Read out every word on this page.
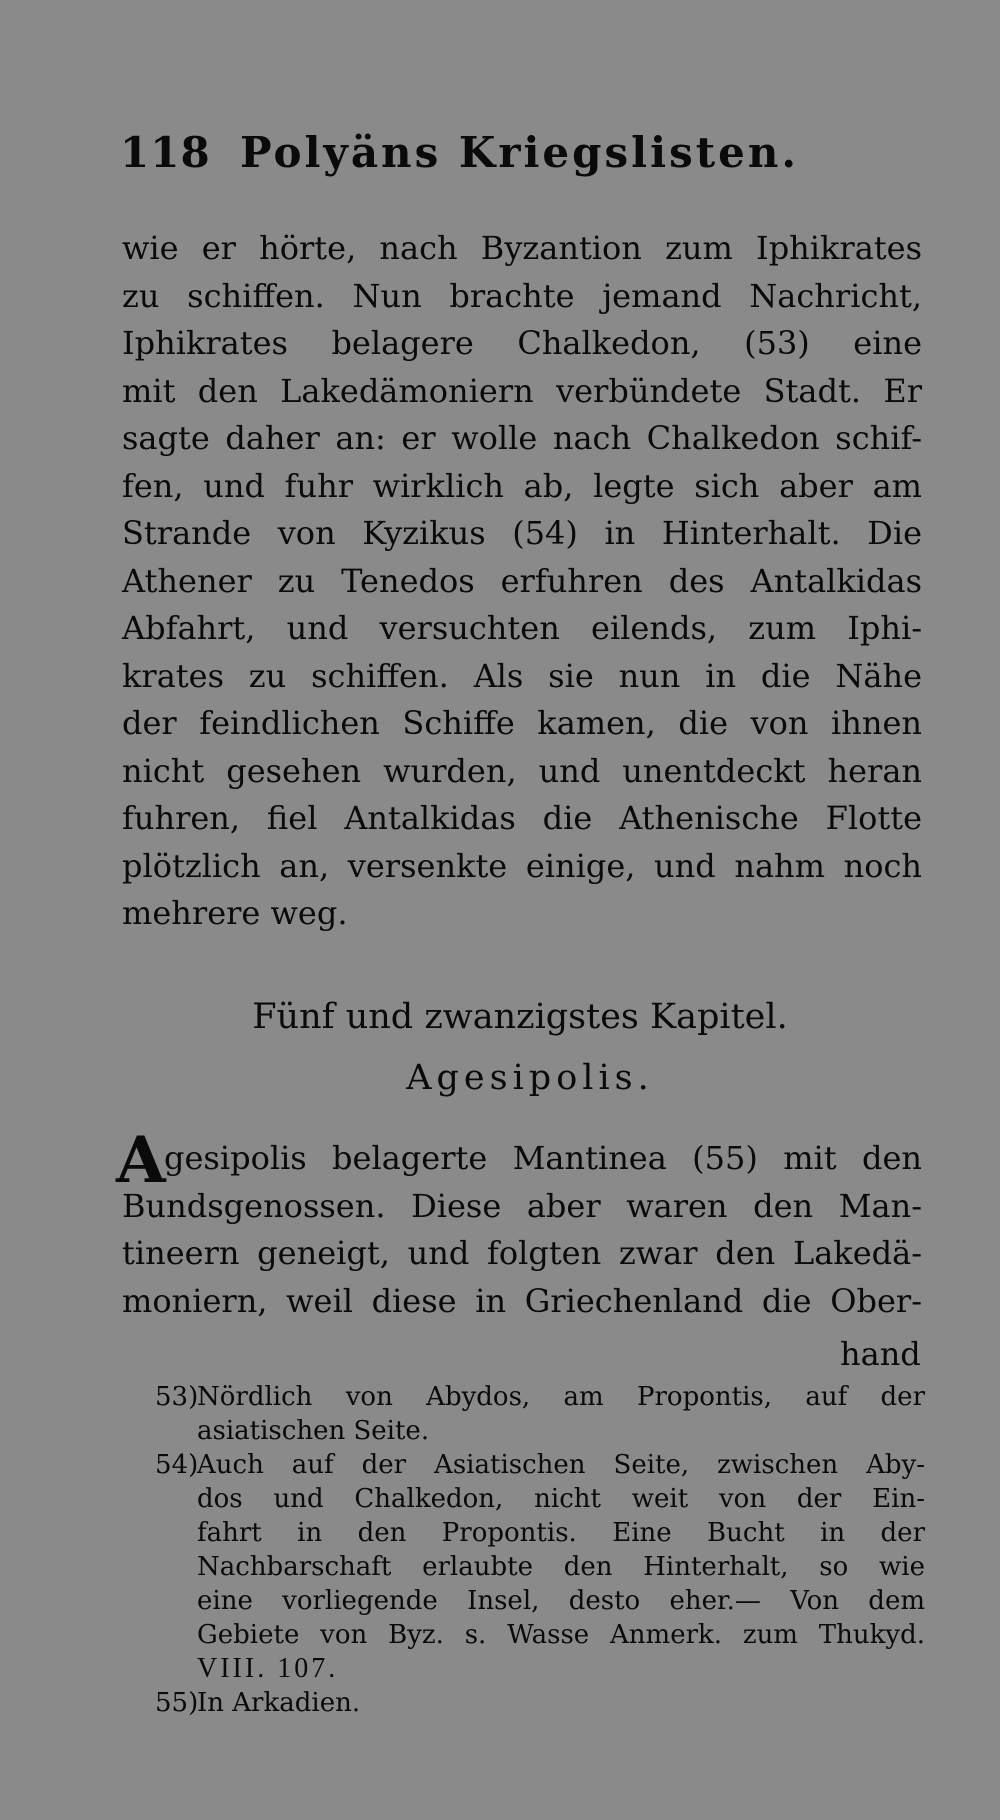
118 Polyäns Kriegslisten.
wie er hörte, nach Byzantion zum Iphikrates
zu schiffen. Nun brachte jemand Nachricht,
Iphikrates belagere Chalkedon, (53) eine
mit den Lakedämoniern verbündete Stadt. Er
sagte daher an: er wolle nach Chalkedon schif-
fen, und fuhr wirklich ab, legte sich aber am
Strande von Kyzikus (54) in Hinterhalt. Die
Athener zu Tenedos erfuhren des Antalkidas
Abfahrt, und versuchten eilends, zum Iphi-
krates zu schiffen. Als sie nun in die Nähe
der feindlichen Schiffe kamen, die von ihnen
nicht gesehen wurden, und unentdeckt heran
fuhren, fiel Antalkidas die Athenische Flotte
plötzlich an, versenkte einige, und nahm noch
mehrere weg.
Fünf und zwanzigstes Kapitel.
Agesipolis.
A
gesipolis belagerte Mantinea (55) mit den
Bundsgenossen. Diese aber waren den Man-
tineern geneigt, und folgten zwar den Lakedä-
moniern, weil diese in Griechenland die Ober-
hand
53)
Nördlich von Abydos, am Propontis, auf der
asiatischen Seite.
54)
Auch auf der Asiatischen Seite, zwischen Aby-
dos und Chalkedon, nicht weit von der Ein-
fahrt in den Propontis. Eine Bucht in der
Nachbarschaft erlaubte den Hinterhalt, so wie
eine vorliegende Insel, desto eher.— Von dem
Gebiete von Byz. s. Wasse Anmerk. zum Thukyd.
VIII. 107.
55)
In Arkadien.
